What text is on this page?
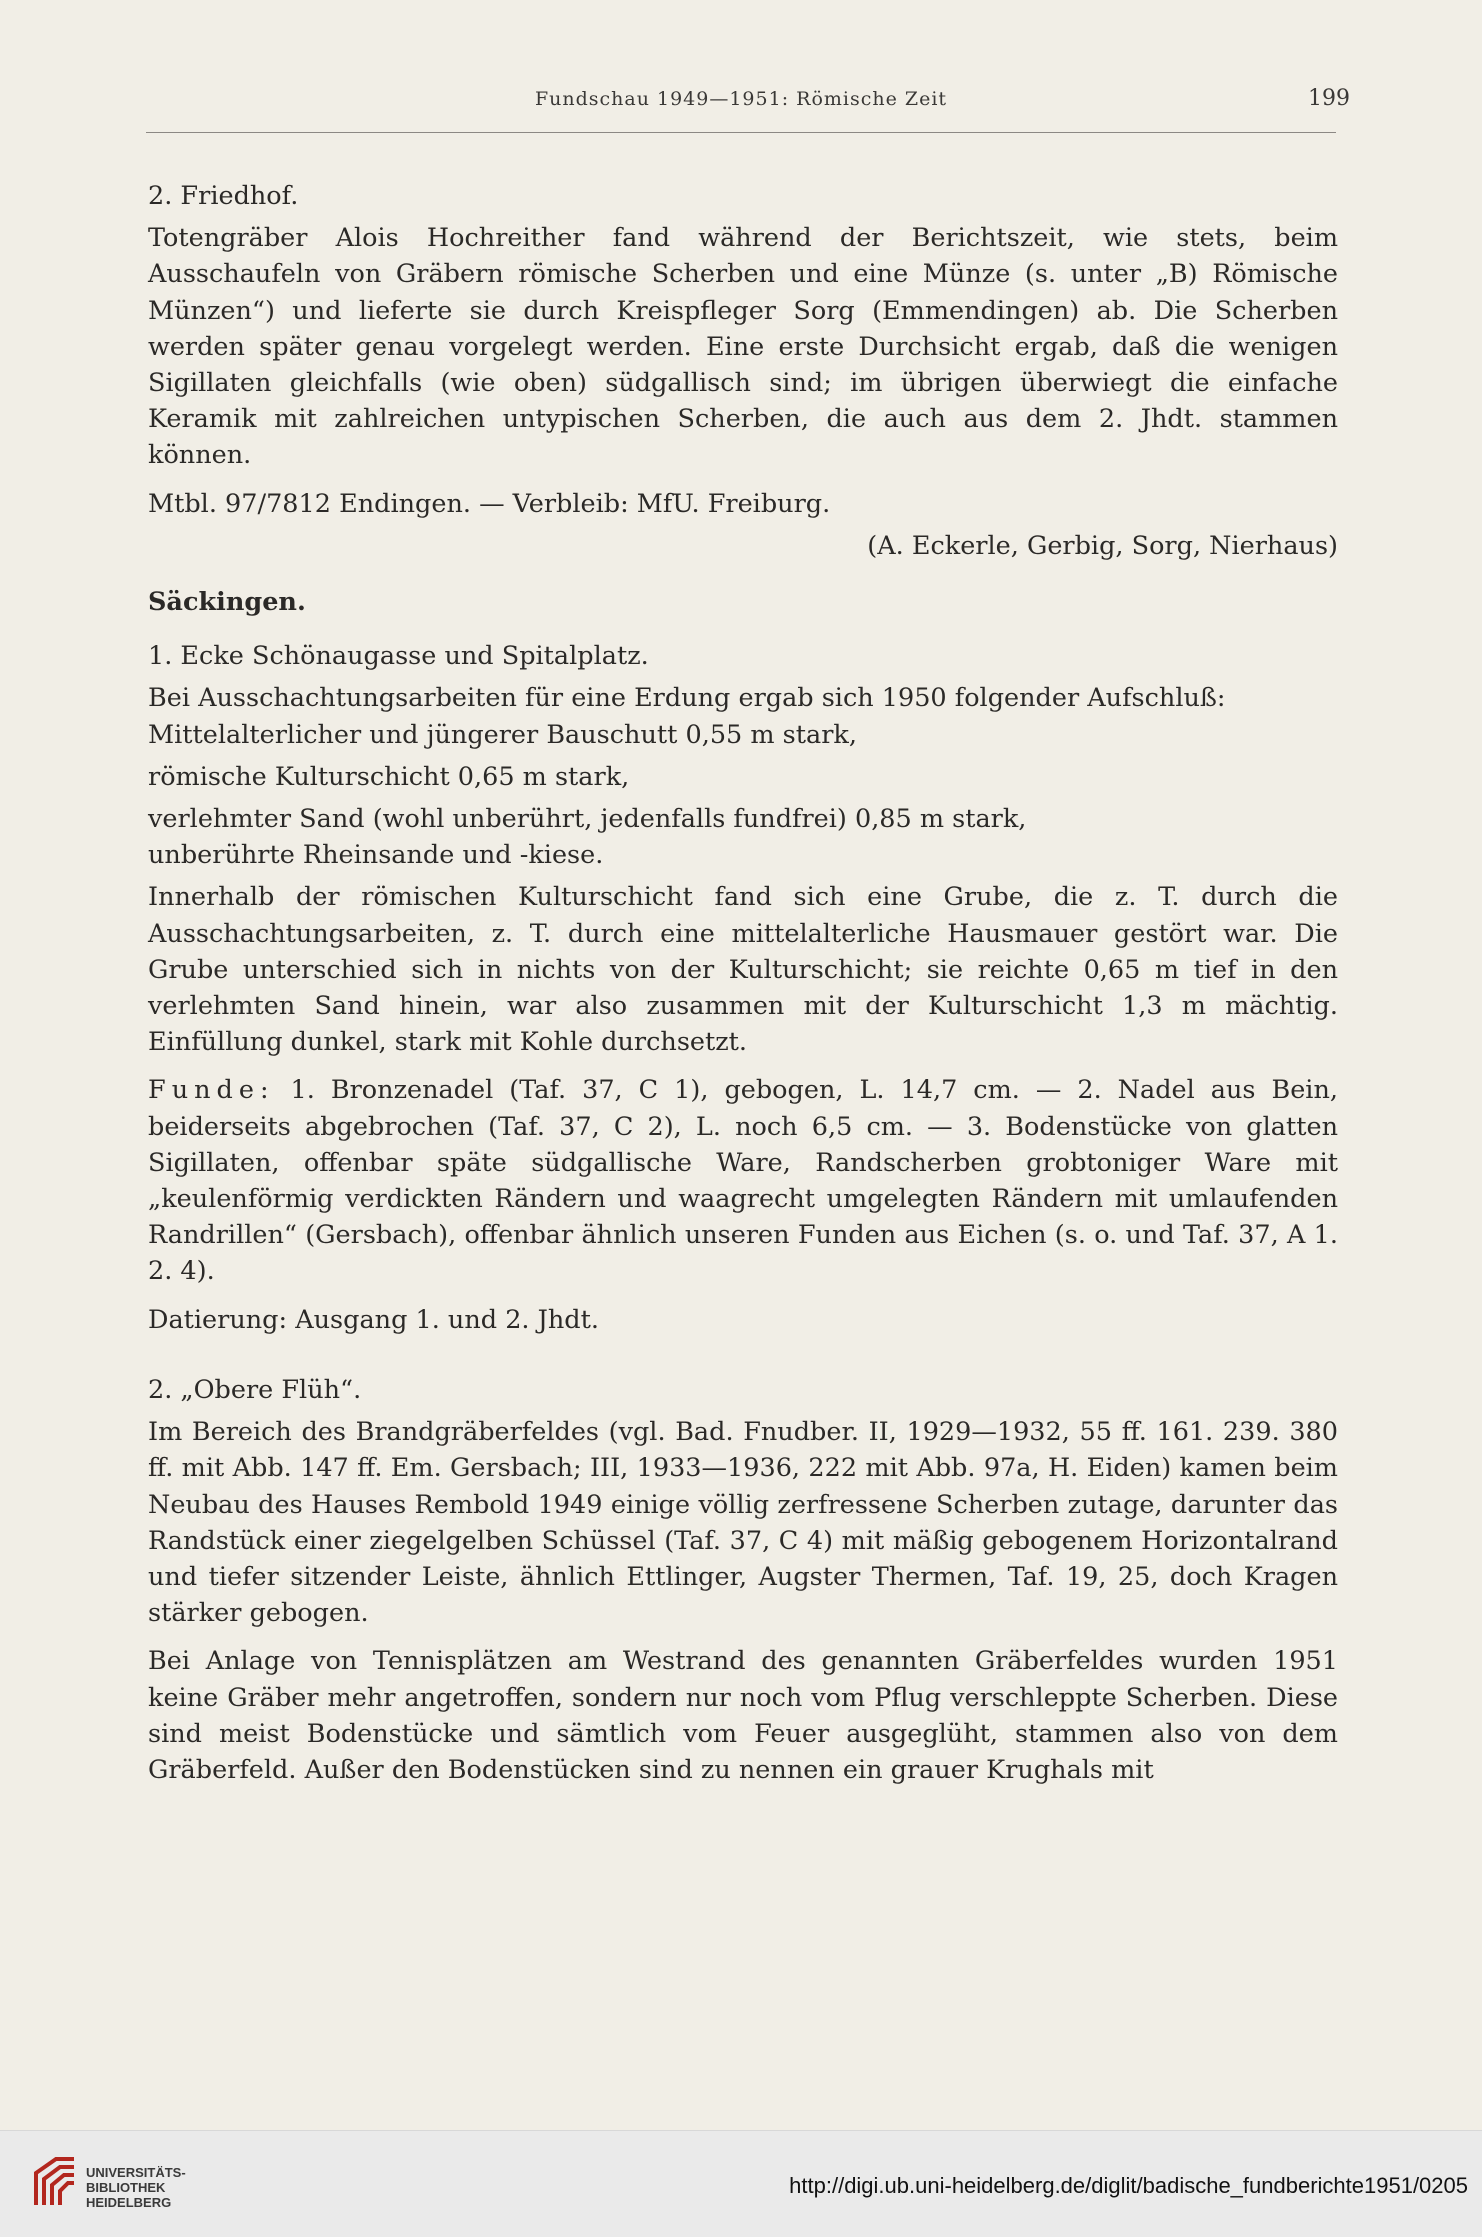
Fundschau 1949—1951: Römische Zeit	199

2. Friedhof.

Totengräber Alois Hochreither fand während der Berichtszeit, wie stets, beim Ausschaufeln von Gräbern römische Scherben und eine Münze (s. unter „B) Römische Münzen“) und lieferte sie durch Kreispfleger Sorg (Emmendingen) ab. Die Scherben werden später genau vorgelegt werden. Eine erste Durchsicht ergab, daß die wenigen Sigillaten gleichfalls (wie oben) südgallisch sind; im übrigen überwiegt die einfache Keramik mit zahlreichen untypischen Scherben, die auch aus dem 2. Jhdt. stammen können.

Mtbl. 97/7812 Endingen. — Verbleib: MfU. Freiburg.

(A. Eckerle, Gerbig, Sorg, Nierhaus)

Säckingen.

1. Ecke Schönaugasse und Spitalplatz.

Bei Ausschachtungsarbeiten für eine Erdung ergab sich 1950 folgender Aufschluß:

Mittelalterlicher und jüngerer Bauschutt 0,55 m stark,

römische Kulturschicht 0,65 m stark,

verlehmter Sand (wohl unberührt, jedenfalls fundfrei) 0,85 m stark,

unberührte Rheinsande und -kiese.

Innerhalb der römischen Kulturschicht fand sich eine Grube, die z. T. durch die Ausschachtungsarbeiten, z. T. durch eine mittelalterliche Hausmauer gestört war. Die Grube unterschied sich in nichts von der Kulturschicht; sie reichte 0,65 m tief in den verlehmten Sand hinein, war also zusammen mit der Kulturschicht 1,3 m mächtig. Einfüllung dunkel, stark mit Kohle durchsetzt.

Funde: 1. Bronzenadel (Taf. 37, C 1), gebogen, L. 14,7 cm. — 2. Nadel aus Bein, beiderseits abgebrochen (Taf. 37, C 2), L. noch 6,5 cm. — 3. Bodenstücke von glatten Sigillaten, offenbar späte südgallische Ware, Randscherben grobtoniger Ware mit „keulenförmig verdickten Rändern und waagrecht umgelegten Rändern mit umlaufenden Randrillen“ (Gersbach), offenbar ähnlich unseren Funden aus Eichen (s. o. und Taf. 37, A 1. 2. 4).

Datierung: Ausgang 1. und 2. Jhdt.

2. „Obere Flüh“.

Im Bereich des Brandgräberfeldes (vgl. Bad. Fnudber. II, 1929—1932, 55 ff. 161. 239. 380 ff. mit Abb. 147 ff. Em. Gersbach; III, 1933—1936, 222 mit Abb. 97a, H. Eiden) kamen beim Neubau des Hauses Rembold 1949 einige völlig zerfressene Scherben zutage, darunter das Randstück einer ziegelgelben Schüssel (Taf. 37, C 4) mit mäßig gebogenem Horizontalrand und tiefer sitzender Leiste, ähnlich Ettlinger, Augster Thermen, Taf. 19, 25, doch Kragen stärker gebogen.

Bei Anlage von Tennisplätzen am Westrand des genannten Gräberfeldes wurden 1951 keine Gräber mehr angetroffen, sondern nur noch vom Pflug verschleppte Scherben. Diese sind meist Bodenstücke und sämtlich vom Feuer ausgeglüht, stammen also von dem Gräberfeld. Außer den Bodenstücken sind zu nennen ein grauer Krughals mit

UNIVERSITÄTS-
BIBLIOTHEK
HEIDELBERG
http://digi.ub.uni-heidelberg.de/diglit/badische_fundberichte1951/0205
